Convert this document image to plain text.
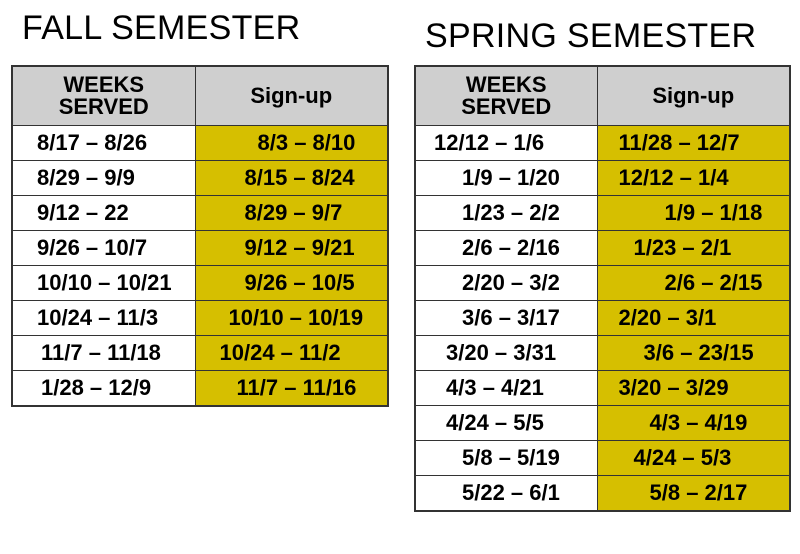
FALL SEMESTER	SPRING SEMESTER
WEEKS
SERVED	Sign-up
8/17 – 8/26	8/3 – 8/10
8/29 – 9/9	8/15 – 8/24
9/12 – 22	8/29 – 9/7
9/26 – 10/7	9/12 – 9/21
10/10 – 10/21	9/26 – 10/5
10/24 – 11/3	10/10 – 10/19
11/7 – 11/18	10/24 – 11/2
1/28 – 12/9	11/7 – 11/16
WEEKS
SERVED	Sign-up
12/12 – 1/6	11/28 – 12/7
1/9 – 1/20	12/12 – 1/4
1/23 – 2/2	1/9 – 1/18
2/6 – 2/16	1/23 – 2/1
2/20 – 3/2	2/6 – 2/15
3/6 – 3/17	2/20 – 3/1
3/20 – 3/31	3/6 – 23/15
4/3 – 4/21	3/20 – 3/29
4/24 – 5/5	4/3 – 4/19
5/8 – 5/19	4/24 – 5/3
5/22 – 6/1	5/8 – 2/17
